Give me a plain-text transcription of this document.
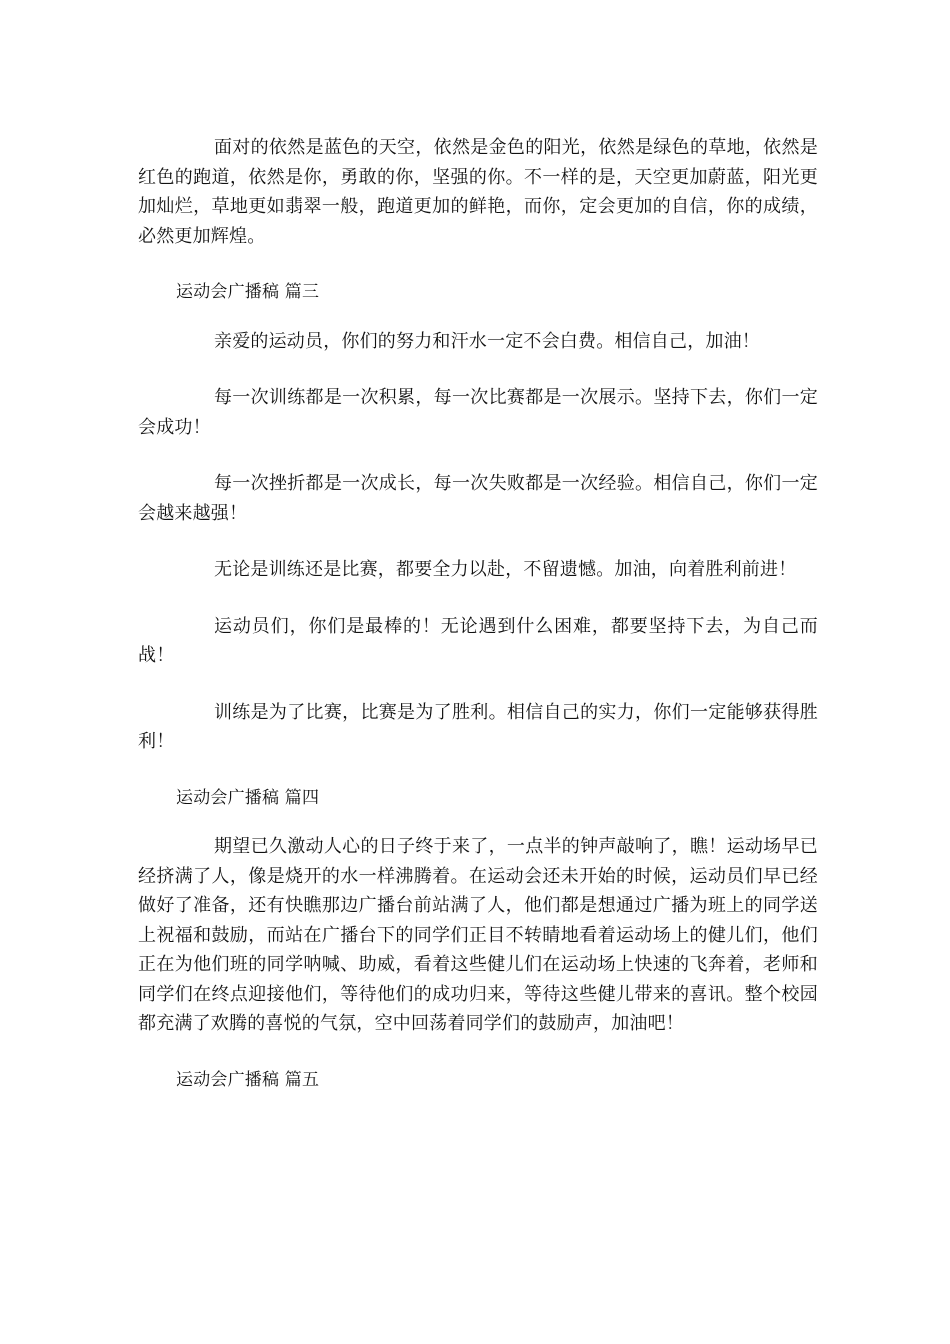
面对的依然是蓝色的天空，依然是金色的阳光，依然是绿色的草地，依然是红色的跑道，依然是你，勇敢的你，坚强的你。不一样的是，天空更加蔚蓝，阳光更加灿烂，草地更如翡翠一般，跑道更加的鲜艳，而你，定会更加的自信，你的成绩，必然更加辉煌。

运动会广播稿 篇三

亲爱的运动员，你们的努力和汗水一定不会白费。相信自己，加油！

每一次训练都是一次积累，每一次比赛都是一次展示。坚持下去，你们一定会成功！

每一次挫折都是一次成长，每一次失败都是一次经验。相信自己，你们一定会越来越强！

无论是训练还是比赛，都要全力以赴，不留遗憾。加油，向着胜利前进！

运动员们，你们是最棒的！无论遇到什么困难，都要坚持下去，为自己而战！

训练是为了比赛，比赛是为了胜利。相信自己的实力，你们一定能够获得胜利！

运动会广播稿 篇四

期望已久激动人心的日子终于来了，一点半的钟声敲响了，瞧！运动场早已经挤满了人，像是烧开的水一样沸腾着。在运动会还未开始的时候，运动员们早已经做好了准备，还有快瞧那边广播台前站满了人，他们都是想通过广播为班上的同学送上祝福和鼓励，而站在广播台下的同学们正目不转睛地看着运动场上的健儿们，他们正在为他们班的同学呐喊、助威，看着这些健儿们在运动场上快速的飞奔着，老师和同学们在终点迎接他们，等待他们的成功归来，等待这些健儿带来的喜讯。整个校园都充满了欢腾的喜悦的气氛，空中回荡着同学们的鼓励声，加油吧！

运动会广播稿 篇五
